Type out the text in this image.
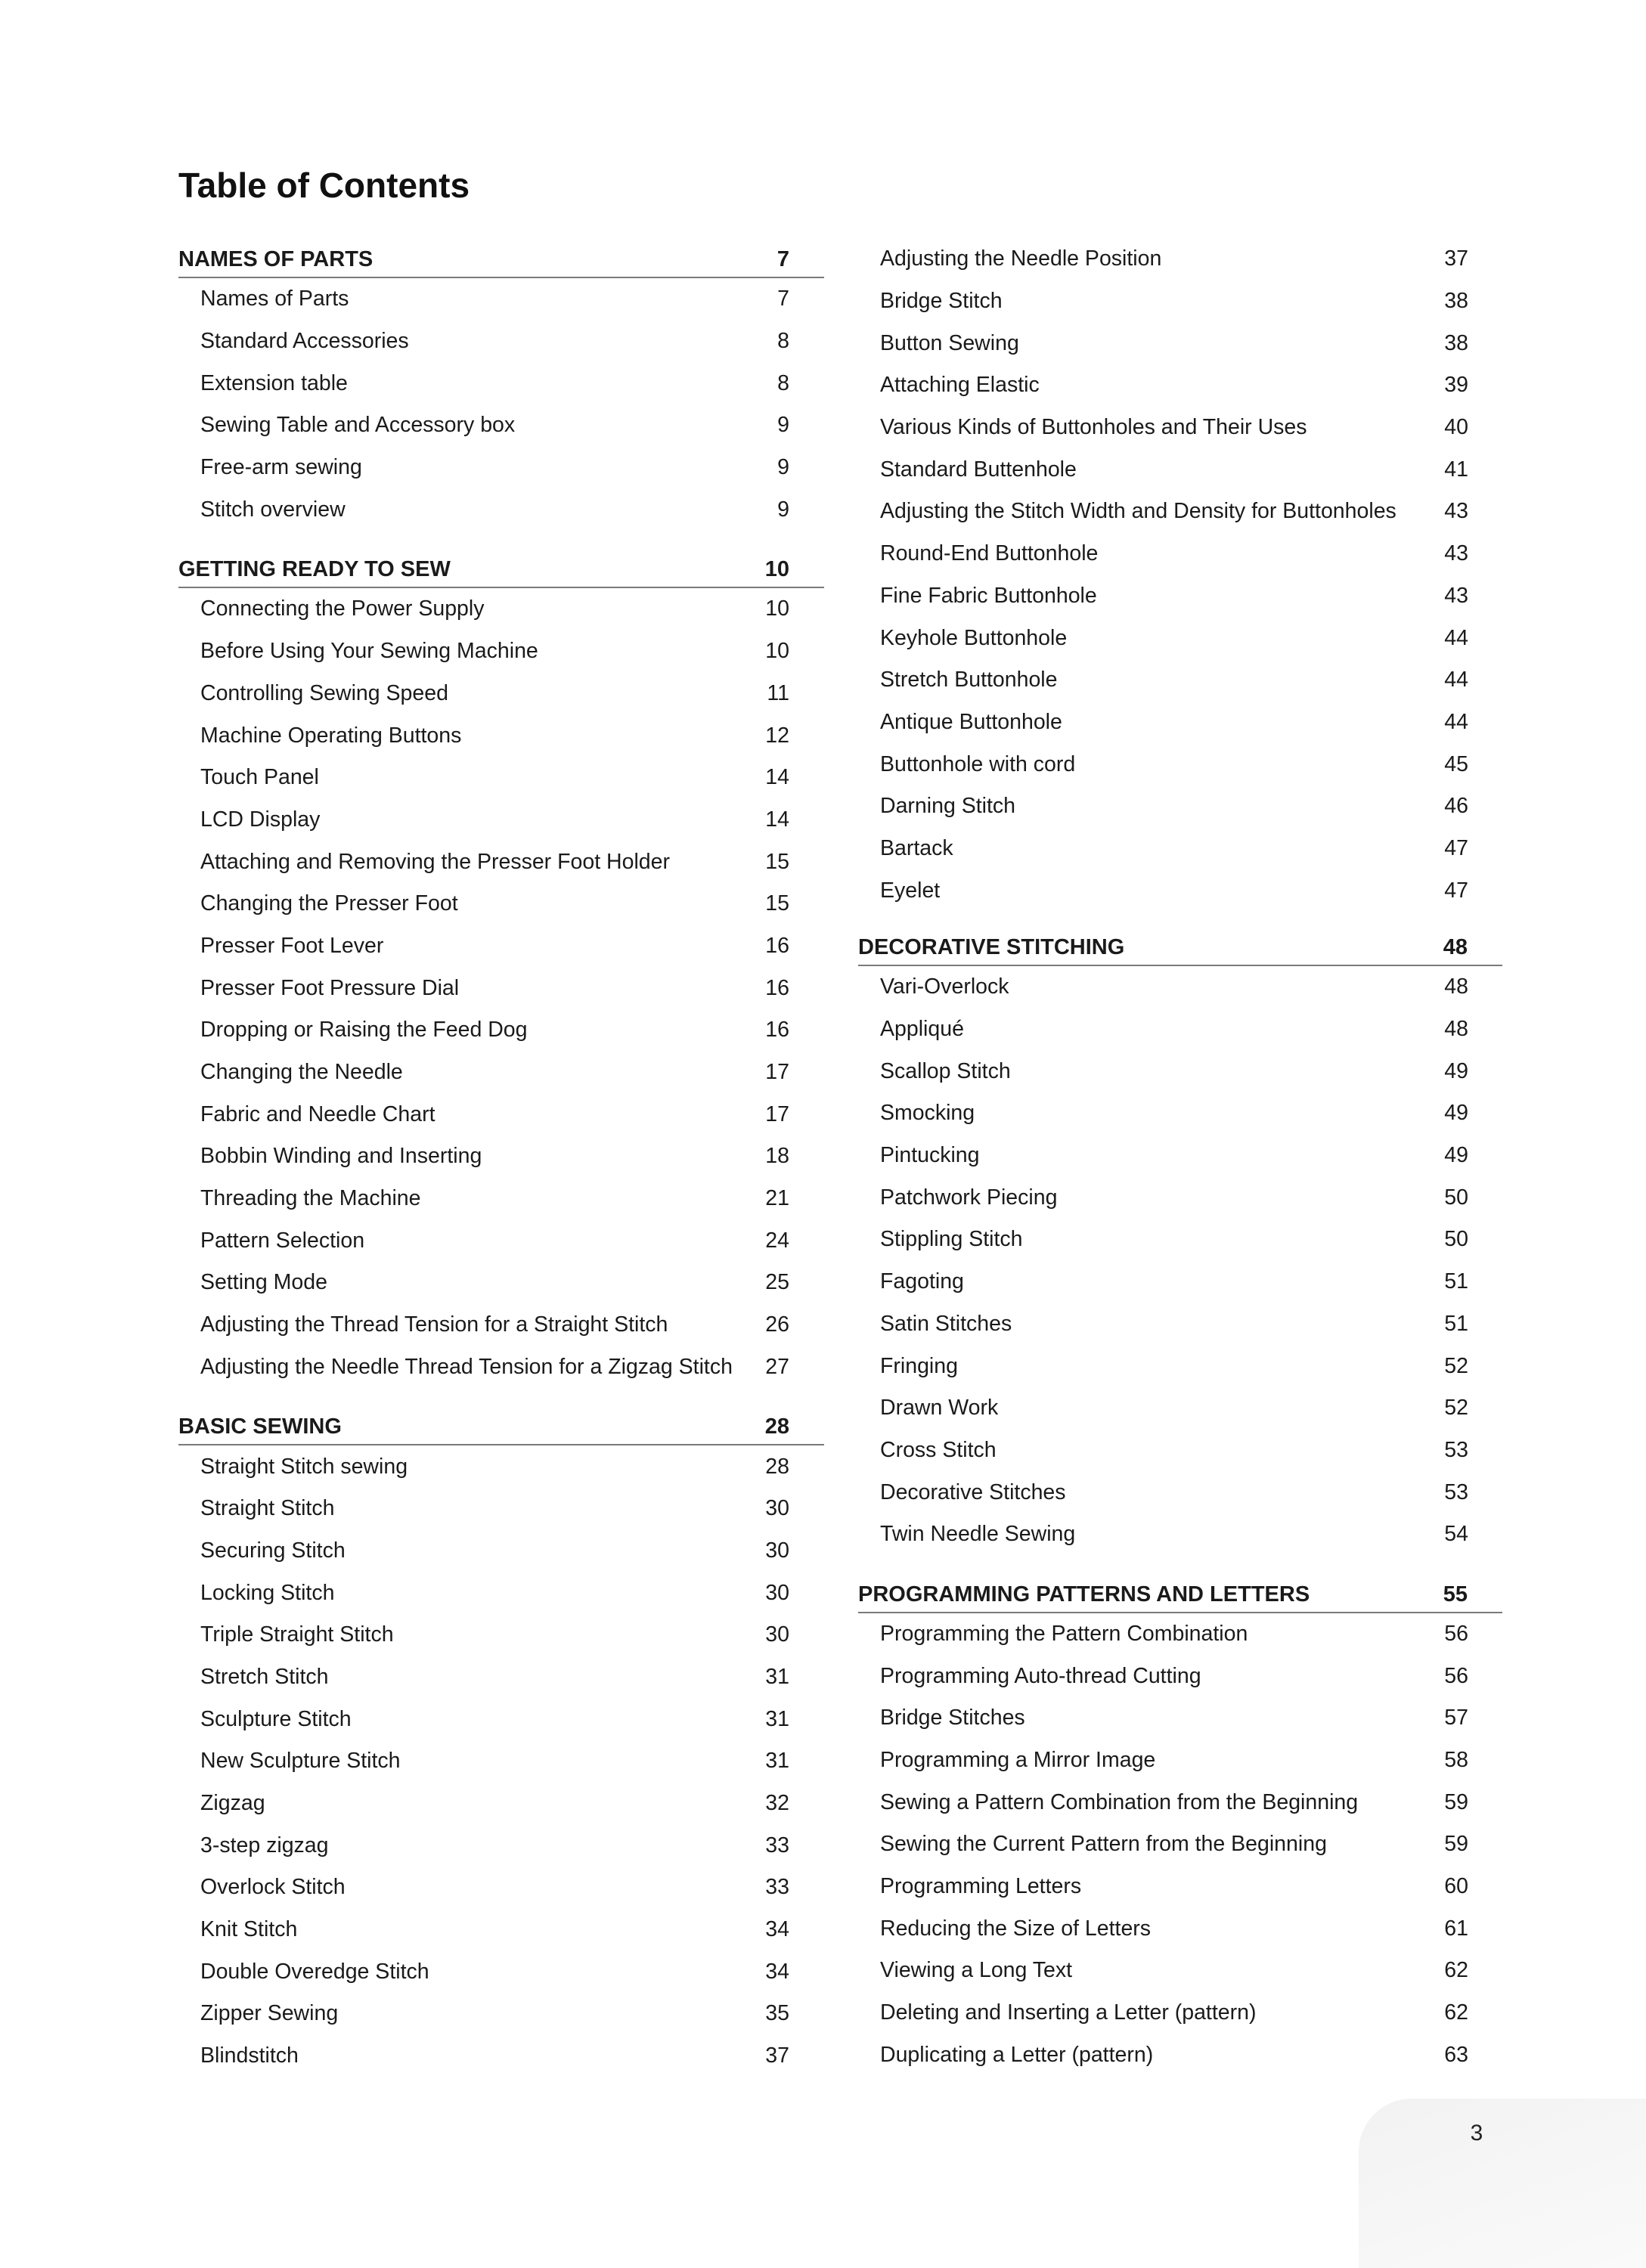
Table of Contents
NAMES OF PARTS	7
Names of Parts	7
Standard Accessories	8
Extension table	8
Sewing Table and Accessory box	9
Free-arm sewing	9
Stitch overview	9
GETTING READY TO SEW	10
Connecting the Power Supply	10
Before Using Your Sewing Machine	10
Controlling Sewing Speed	11
Machine Operating Buttons	12
Touch Panel	14
LCD Display	14
Attaching and Removing the Presser Foot Holder	15
Changing the Presser Foot	15
Presser Foot Lever	16
Presser Foot Pressure Dial	16
Dropping or Raising the Feed Dog	16
Changing the Needle	17
Fabric and Needle Chart	17
Bobbin Winding and Inserting	18
Threading the Machine	21
Pattern Selection	24
Setting Mode	25
Adjusting the Thread Tension for a Straight Stitch	26
Adjusting the Needle Thread Tension for a Zigzag Stitch 27
BASIC SEWING	28
Straight Stitch sewing	28
Straight Stitch	30
Securing Stitch	30
Locking Stitch	30
Triple Straight Stitch	30
Stretch Stitch	31
Sculpture Stitch	31
New Sculpture Stitch	31
Zigzag	32
3-step zigzag	33
Overlock Stitch	33
Knit Stitch	34
Double Overedge Stitch	34
Zipper Sewing	35
Blindstitch	37
Adjusting the Needle Position	37
Bridge Stitch	38
Button Sewing	38
Attaching Elastic	39
Various Kinds of Buttonholes and Their Uses	40
Standard Buttenhole	41
Adjusting the Stitch Width and Density for Buttonholes 43
Round-End Buttonhole	43
Fine Fabric Buttonhole	43
Keyhole Buttonhole	44
Stretch Buttonhole	44
Antique Buttonhole	44
Buttonhole with cord	45
Darning Stitch	46
Bartack	47
Eyelet	47
DECORATIVE STITCHING	48
Vari-Overlock	48
Appliqué	48
Scallop Stitch	49
Smocking	49
Pintucking	49
Patchwork Piecing	50
Stippling Stitch	50
Fagoting	51
Satin Stitches	51
Fringing	52
Drawn Work	52
Cross Stitch	53
Decorative Stitches	53
Twin Needle Sewing	54
PROGRAMMING PATTERNS AND LETTERS	55
Programming the Pattern Combination	56
Programming Auto-thread Cutting	56
Bridge Stitches	57
Programming a Mirror Image	58
Sewing a Pattern Combination from the Beginning	59
Sewing the Current Pattern from the Beginning	59
Programming Letters	60
Reducing the Size of Letters	61
Viewing a Long Text	62
Deleting and Inserting a Letter (pattern)	62
Duplicating a Letter (pattern)	63
3
